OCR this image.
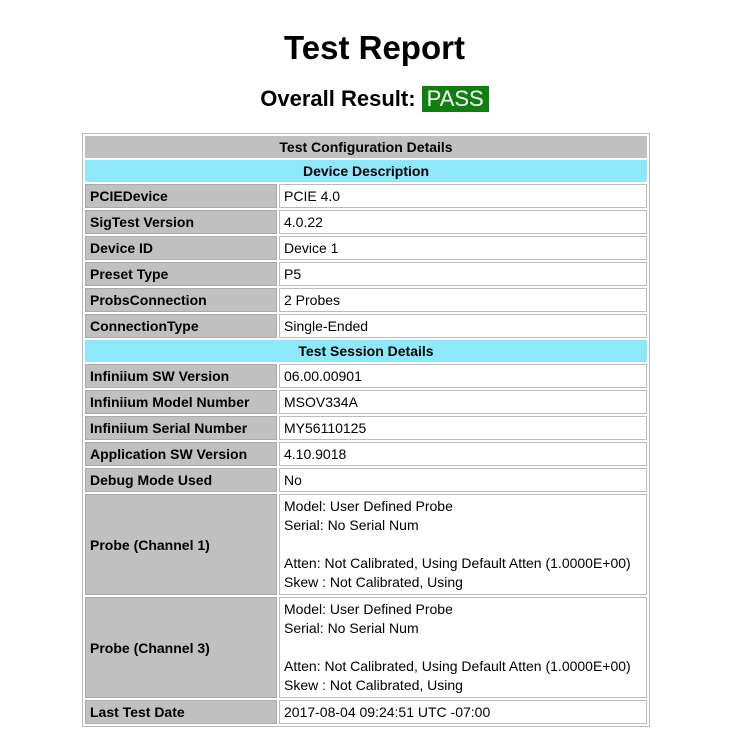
Test Report
Overall Result: PASS
Test Configuration Details	
Device Description	
PCIEDevice	PCIE 4.0
SigTest Version	4.0.22
Device ID	Device 1
Preset Type	P5
ProbsConnection	2 Probes
ConnectionType	Single-Ended
Test Session Details	
Infiniium SW Version	06.00.00901
Infiniium Model Number	MSOV334A
Infiniium Serial Number	MY56110125
Application SW Version	4.10.9018
Debug Mode Used	No
Probe (Channel 1)	Model: User Defined Probe
Serial: No Serial Num
Atten: Not Calibrated, Using Default Atten (1.0000E+00)
Skew : Not Calibrated, Using

Probe (Channel 3)	Model: User Defined Probe
Serial: No Serial Num
Atten: Not Calibrated, Using Default Atten (1.0000E+00)
Skew : Not Calibrated, Using

Last Test Date	2017-08-04 09:24:51 UTC -07:00
